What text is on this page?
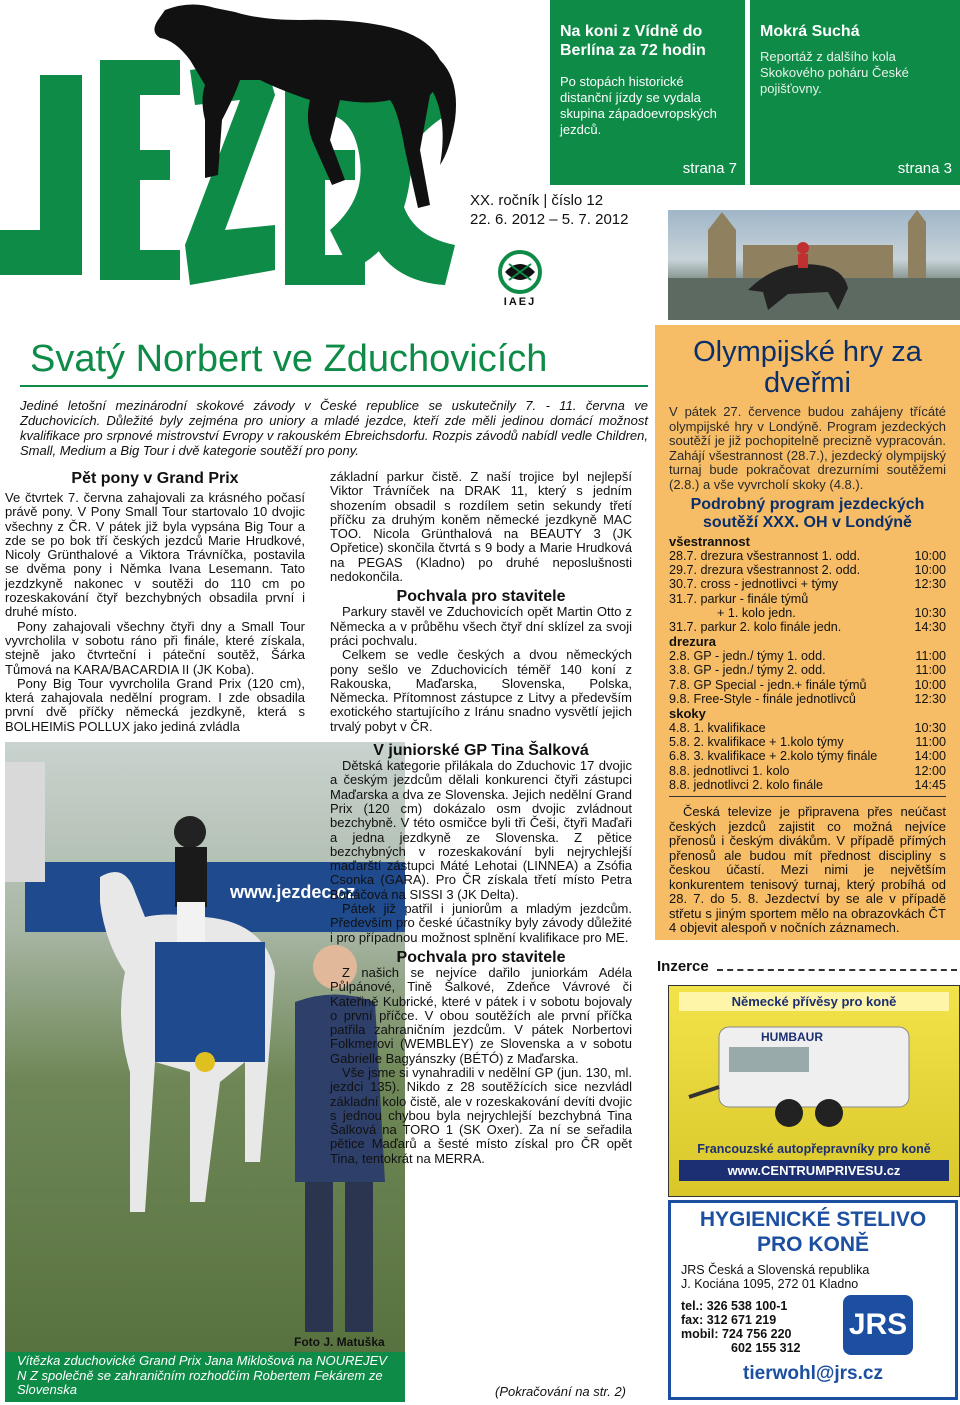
XX. ročník | číslo 12
22. 6. 2012 – 5. 7. 2012
IAEJ
Na koni z Vídně do Berlína za 72 hodin
Po stopách historické distanční jízdy se vydala skupina západoevropských jezdců.
strana 7
Mokrá Suchá
Reportáž z dalšího kola Skokového poháru České pojišťovny.
strana 3
Svatý Norbert ve Zduchovicích
Jediné letošní mezinárodní skokové závody v České republice se uskutečnily 7. - 11. června ve Zduchovicích. Důležité byly zejména pro uniory a mladé jezdce, kteří zde měli jedinou domácí možnost kvalifikace pro srpnové mistrovství Evropy v rakouském Ebreichsdorfu. Rozpis závodů nabídl vedle Children, Small, Medium a Big Tour i dvě kategorie soutěží pro pony.
Pět pony v Grand Prix

Ve čtvrtek 7. června zahajovali za krásného počasí právě pony. V Pony Small Tour startovalo 10 dvojic všechny z ČR. V pátek již byla vypsána Big Tour a zde se po bok tří českých jezdců Marie Hrudkové, Nicoly Grünthalové a Viktora Trávníčka, postavila se dvěma pony i Němka Ivana Lesemann. Tato jezdzkyně nakonec v soutěži do 110 cm po rozeskakování čtyř bezchybných obsadila první i druhé místo.

Pony zahajovali všechny čtyři dny a Small Tour vyvrcholila v sobotu ráno při finále, které získala, stejně jako čtvrteční i páteční soutěž, Šárka Tůmová na KARA/BACARDIA II (JK Koba).

Pony Big Tour vyvrcholila Grand Prix (120 cm), která zahajovala nedělní program. I zde obsadila první dvě příčky německá jezdkyně, která s BOLHEIMiS POLLUX jako jediná zvládla

www.jezdec.cz
Foto J. Matuška
Vítězka zduchovické Grand Prix Jana Miklošová na NOUREJEV N Z společně se zahraničním rozhodčím Robertem Fekárem ze Slovenska

základní parkur čistě. Z naší trojice byl nejlepší Viktor Trávníček na DRAK 11, který s jedním shozením obsadil s rozdílem setin sekundy třetí příčku za druhým koněm německé jezdkyně MAC TOO. Nicola Grünthalová na BEAUTY 3 (JK Opřetice) skončila čtvrtá s 9 body a Marie Hrudková na PEGAS (Kladno) po druhé neposlušnosti nedokončila.

Pochvala pro stavitele

Parkury stavěl ve Zduchovicích opět Martin Otto z Německa a v průběhu všech čtyř dní sklízel za svoji práci pochvalu.

Celkem se vedle českých a dvou německých pony sešlo ve Zduchovicích téměř 140 koní z Rakouska, Maďarska, Slovenska, Polska, Německa. Přítomnost zástupce z Litvy a především exotického startujícího z Iránu snadno vysvětlí jejich trvalý pobyt v ČR.

V juniorské GP Tina Šalková

Dětská kategorie přilákala do Zduchovic 17 dvojic a českým jezdcům dělali konkurenci čtyři zástupci Maďarska a dva ze Slovenska. Jejich nedělní Grand Prix (120 cm) dokázalo osm dvojic zvládnout bezchybně. V této osmičce byli tři Češi, čtyři Maďaři a jedna jezdkyně ze Slovenska. Z pětice bezchybných v rozeskakování byli nejrychlejší maďarští zástupci Máté Lehotai (LINNEA) a Zsófia Csonka (GARA). Pro ČR získala třetí místo Petra Boháčová na SISSI 3 (JK Delta).

Pátek již patřil i juniorům a mladým jezdcům. Především pro české účastníky byly závody důležité i pro případnou možnost splnění kvalifikace pro ME.

Pochvala pro stavitele

Z našich se nejvíce dařilo juniorkám Adéla Půlpánové, Tině Šalkové, Zdeňce Vávrové či Kateřině Kubrické, které v pátek i v sobotu bojovaly o první příčce. V obou soutěžích ale první příčka patřila zahraničním jezdcům. V pátek Norbertovi Folkmerovi (WEMBLEY) ze Slovenska a v sobotu Gabrielle Bagyánszky (BÉTÓ) z Maďarska.

Vše jsme si vynahradili v nedělní GP (jun. 130, ml. jezdci 135). Nikdo z 28 soutěžících sice nezvládl základní kolo čistě, ale v rozeskakování devíti dvojic s jednou chybou byla nejrychlejší bezchybná Tina Šalková na TORO 1 (SK Oxer). Za ní se seřadila pětice Maďarů a šesté místo získal pro ČR opět Tina, tentokrát na MERRA.

(Pokračování na str. 2)
Olympijské hry za dveřmi

V pátek 27. července budou zahájeny třícáté olympijské hry v Londýně. Program jezdeckých soutěží je již pochopitelně precizně vypracován. Zahájí všestrannost (28.7.), jezdecký olympijský turnaj bude pokračovat drezurními soutěžemi (2.8.) a vše vyvrcholí skoky (4.8.).

Podrobný program jezdeckých soutěží XXX. OH v Londýně
všestrannost
28.7. drezura všestrannost 1. odd.	10:00
29.7. drezura všestrannost 2. odd.	10:00
30.7. cross - jednotlivci + týmy	12:30
31.7. parkur - finále týmů
+ 1. kolo jedn.	10:30
31.7. parkur 2. kolo finále jedn.	14:30
drezura
2.8. GP - jedn./ týmy 1. odd.	11:00
3.8. GP - jedn./ týmy 2. odd.	11:00
7.8. GP Special - jedn.+ finále týmů	10:00
9.8. Free-Style - finále jednotlivců	12:30
skoky
4.8. 1. kvalifikace	10:30
5.8. 2. kvalifikace + 1.kolo týmy	11:00
6.8. 3. kvalifikace + 2.kolo týmy finále	14:00
8.8. jednotlivci 1. kolo	12:00
8.8. jednotlivci 2. kolo finále	14:45

Česká televize je připravena přes neúčast českých jezdců zajistit co možná nejvíce přenosů i českým divákům. V případě přímých přenosů ale budou mít přednost discipliny s českou účastí. Mezi nimi je největším konkurentem tenisový turnaj, který probíhá od 28. 7. do 5. 8. Jezdectví by se ale v případě střetu s jiným sportem mělo na obrazovkách ČT 4 objevit alespoň v nočních záznamech.

Inzerce
Německé přívěsy pro koně
HUMBAUR
Francouzské autopřepravníky pro koně
www.CENTRUMPRIVESU.cz
HYGIENICKÉ STELIVO PRO KONĚ
JRS Česká a Slovenská republika
J. Kociána 1095, 272 01 Kladno
tel.: 326 538 100-1
fax: 312 671 219
mobil: 724 756 220
602 155 312
JRS
tierwohl@jrs.cz
